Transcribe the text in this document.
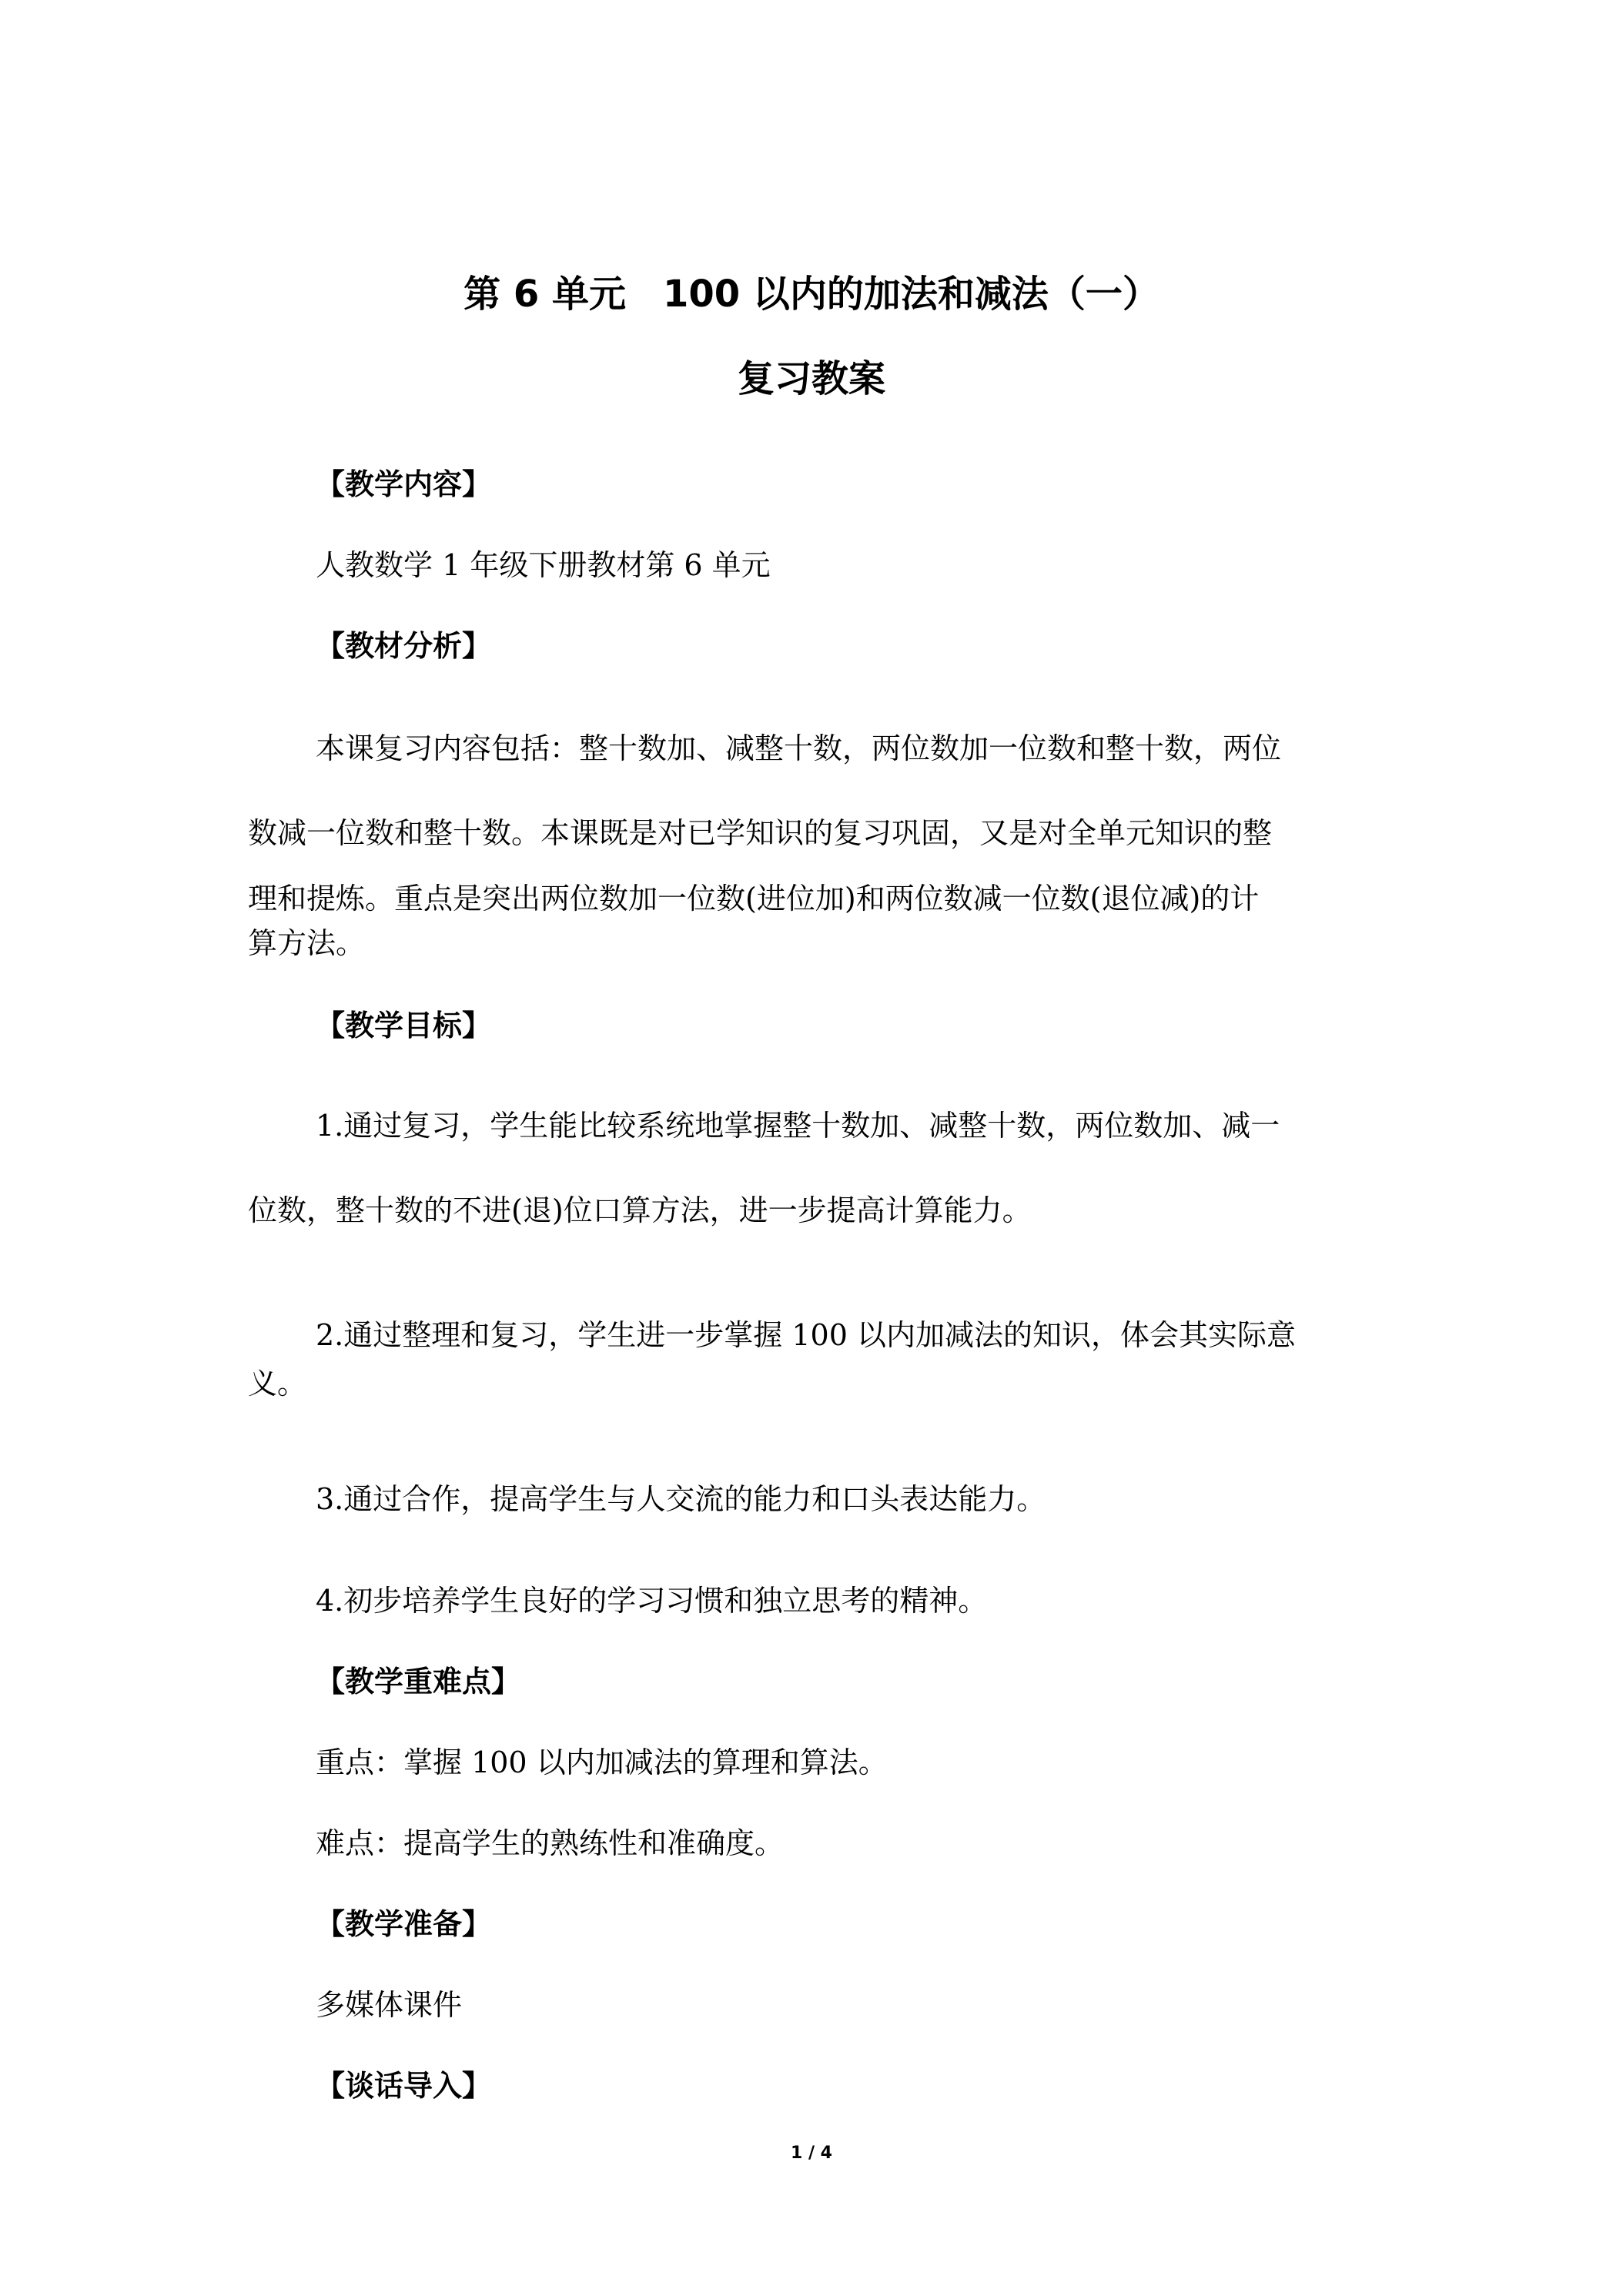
第 6 单元　100 以内的加法和减法（一）
复习教案
【教学内容】
人教数学 1 年级下册教材第 6 单元
【教材分析】
本课复习内容包括：整十数加、减整十数，两位数加一位数和整十数，两位
数减一位数和整十数。本课既是对已学知识的复习巩固，又是对全单元知识的整
理和提炼。重点是突出两位数加一位数(进位加)和两位数减一位数(退位减)的计
算方法。
【教学目标】
1.通过复习，学生能比较系统地掌握整十数加、减整十数，两位数加、减一
位数，整十数的不进(退)位口算方法，进一步提高计算能力。
2.通过整理和复习，学生进一步掌握 100 以内加减法的知识，体会其实际意
义。
3.通过合作，提高学生与人交流的能力和口头表达能力。
4.初步培养学生良好的学习习惯和独立思考的精神。
【教学重难点】
重点：掌握 100 以内加减法的算理和算法。
难点：提高学生的熟练性和准确度。
【教学准备】
多媒体课件
【谈话导入】
1 / 4
